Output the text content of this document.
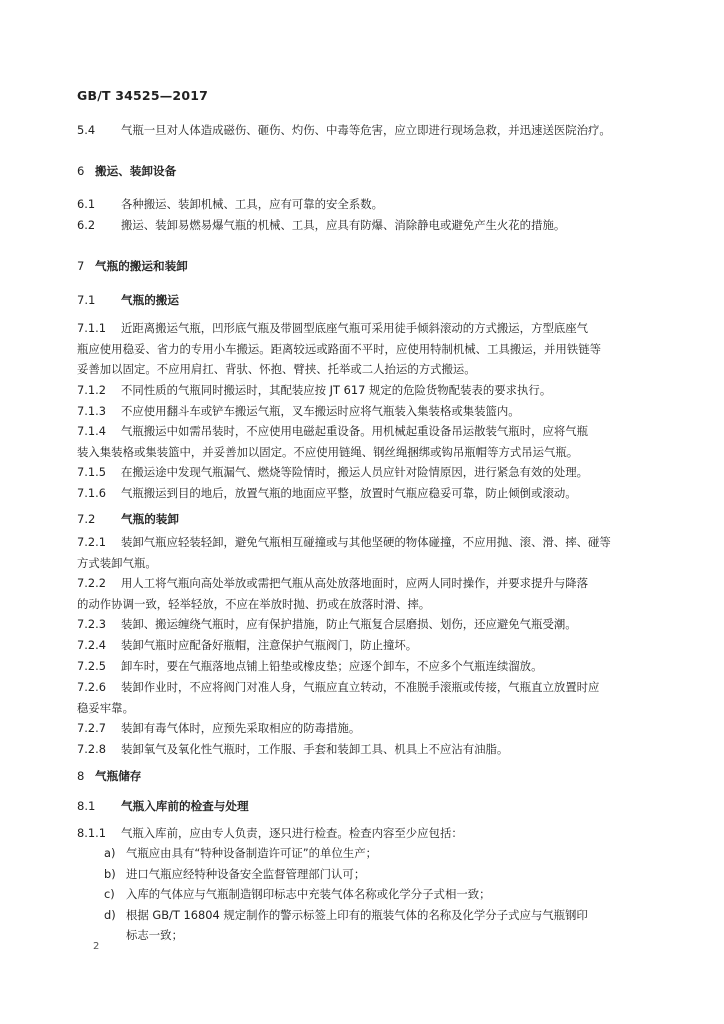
GB/T 34525—2017
5.4 气瓶一旦对人体造成磁伤、砸伤、灼伤、中毒等危害，应立即进行现场急救，并迅速送医院治疗。
6 搬运、装卸设备
6.1 各种搬运、装卸机械、工具，应有可靠的安全系数。
6.2 搬运、装卸易燃易爆气瓶的机械、工具，应具有防爆、消除静电或避免产生火花的措施。
7 气瓶的搬运和装卸
7.1 气瓶的搬运
7.1.1 近距离搬运气瓶，凹形底气瓶及带圆型底座气瓶可采用徒手倾斜滚动的方式搬运，方型底座气
瓶应使用稳妥、省力的专用小车搬运。距离较远或路面不平时，应使用特制机械、工具搬运，并用铁链等
妥善加以固定。不应用肩扛、背驮、怀抱、臂挟、托举或二人抬运的方式搬运。
7.1.2 不同性质的气瓶同时搬运时，其配装应按 JT 617 规定的危险货物配装表的要求执行。
7.1.3 不应使用翻斗车或铲车搬运气瓶，叉车搬运时应将气瓶装入集装格或集装篮内。
7.1.4 气瓶搬运中如需吊装时，不应使用电磁起重设备。用机械起重设备吊运散装气瓶时，应将气瓶
装入集装格或集装篮中，并妥善加以固定。不应使用链绳、钢丝绳捆绑或钩吊瓶帽等方式吊运气瓶。
7.1.5 在搬运途中发现气瓶漏气、燃烧等险情时，搬运人员应针对险情原因，进行紧急有效的处理。
7.1.6 气瓶搬运到目的地后，放置气瓶的地面应平整，放置时气瓶应稳妥可靠，防止倾倒或滚动。
7.2 气瓶的装卸
7.2.1 装卸气瓶应轻装轻卸，避免气瓶相互碰撞或与其他坚硬的物体碰撞，不应用抛、滚、滑、摔、碰等
方式装卸气瓶。
7.2.2 用人工将气瓶向高处举放或需把气瓶从高处放落地面时，应两人同时操作，并要求提升与降落
的动作协调一致，轻举轻放，不应在举放时抛、扔或在放落时滑、摔。
7.2.3 装卸、搬运缠绕气瓶时，应有保护措施，防止气瓶复合层磨损、划伤，还应避免气瓶受潮。
7.2.4 装卸气瓶时应配备好瓶帽，注意保护气瓶阀门，防止撞坏。
7.2.5 卸车时，要在气瓶落地点铺上铅垫或橡皮垫；应逐个卸车，不应多个气瓶连续溜放。
7.2.6 装卸作业时，不应将阀门对准人身，气瓶应直立转动，不准脱手滚瓶或传接，气瓶直立放置时应
稳妥牢靠。
7.2.7 装卸有毒气体时，应预先采取相应的防毒措施。
7.2.8 装卸氧气及氧化性气瓶时，工作服、手套和装卸工具、机具上不应沾有油脂。
8 气瓶储存
8.1 气瓶入库前的检查与处理
8.1.1 气瓶入库前，应由专人负责，逐只进行检查。检查内容至少应包括：
a) 气瓶应由具有“特种设备制造许可证”的单位生产；
b) 进口气瓶应经特种设备安全监督管理部门认可；
c) 入库的气体应与气瓶制造钢印标志中充装气体名称或化学分子式相一致；
d) 根据 GB/T 16804 规定制作的警示标签上印有的瓶装气体的名称及化学分子式应与气瓶钢印
标志一致；
2
